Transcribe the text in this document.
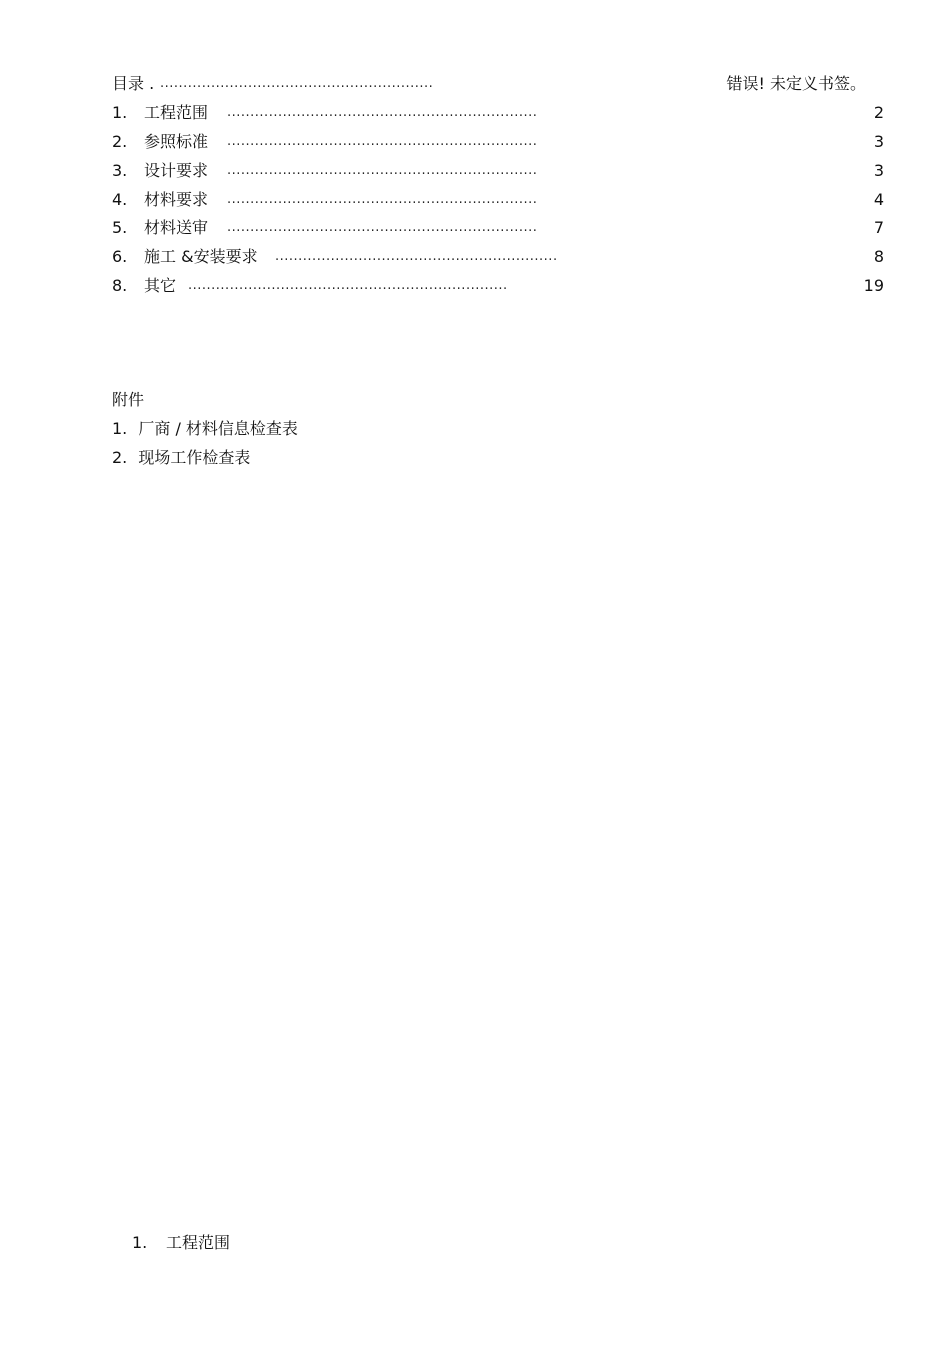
目录 . ...........................................................	错误! 未定义书签。
1. 工程范围 ...................................................................	2
2. 参照标准 ...................................................................	3
3. 设计要求 ...................................................................	3
4. 材料要求 ...................................................................	4
5. 材料送审 ...................................................................	7
6. 施工 &安装要求 .............................................................	8
8. 其它 .....................................................................	19
附件
1. 厂商 / 材料信息检查表
2. 现场工作检查表
1. 工程范围
